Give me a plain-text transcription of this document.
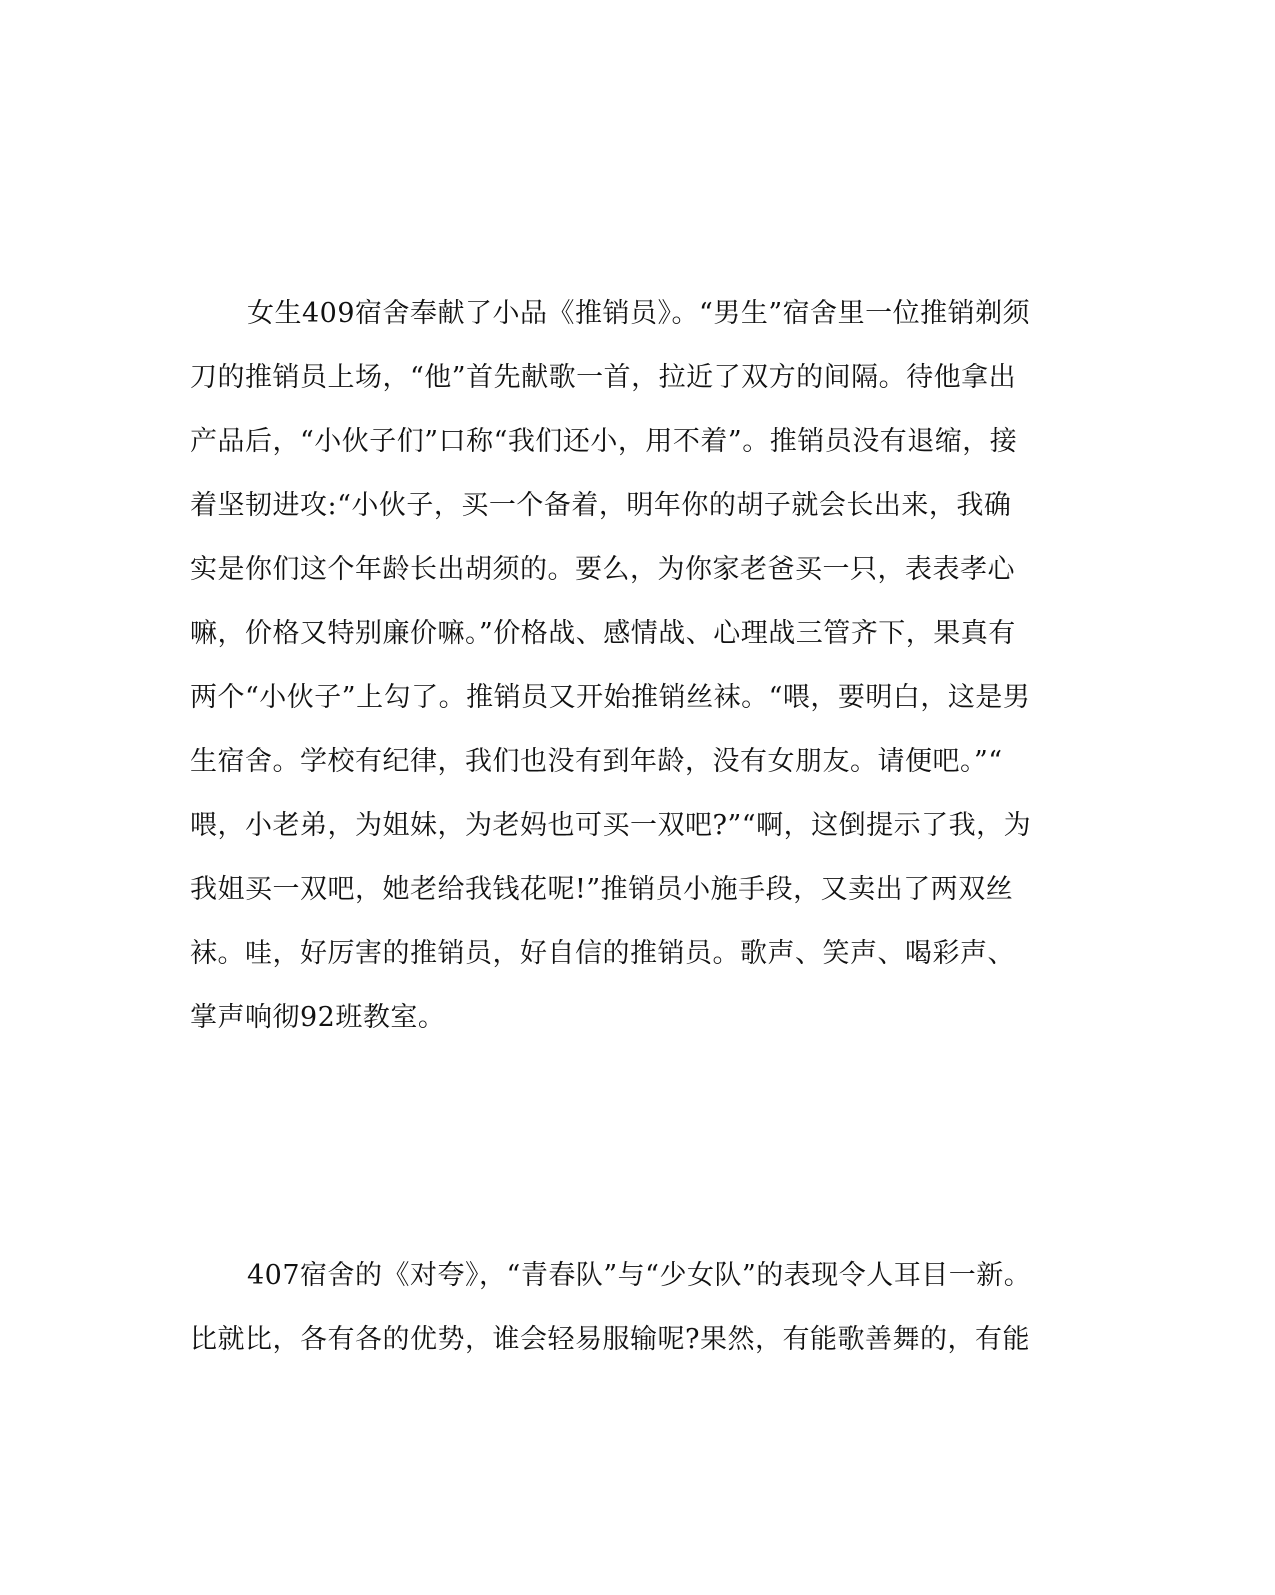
女生409宿舍奉献了小品《推销员》。“男生”宿舍里一位推销剃须
刀的推销员上场，“他”首先献歌一首，拉近了双方的间隔。待他拿出
产品后，“小伙子们”口称“我们还小，用不着”。推销员没有退缩，接
着坚韧进攻:“小伙子，买一个备着，明年你的胡子就会长出来，我确
实是你们这个年龄长出胡须的。要么，为你家老爸买一只，表表孝心
嘛，价格又特别廉价嘛。”价格战、感情战、心理战三管齐下，果真有
两个“小伙子”上勾了。推销员又开始推销丝袜。“喂，要明白，这是男
生宿舍。学校有纪律，我们也没有到年龄，没有女朋友。请便吧。”“
喂，小老弟，为姐妹，为老妈也可买一双吧?”“啊，这倒提示了我，为
我姐买一双吧，她老给我钱花呢!”推销员小施手段，又卖出了两双丝
袜。哇，好厉害的推销员，好自信的推销员。歌声、笑声、喝彩声、
掌声响彻92班教室。
407宿舍的《对夸》，“青春队”与“少女队”的表现令人耳目一新。
比就比，各有各的优势，谁会轻易服输呢?果然，有能歌善舞的，有能
